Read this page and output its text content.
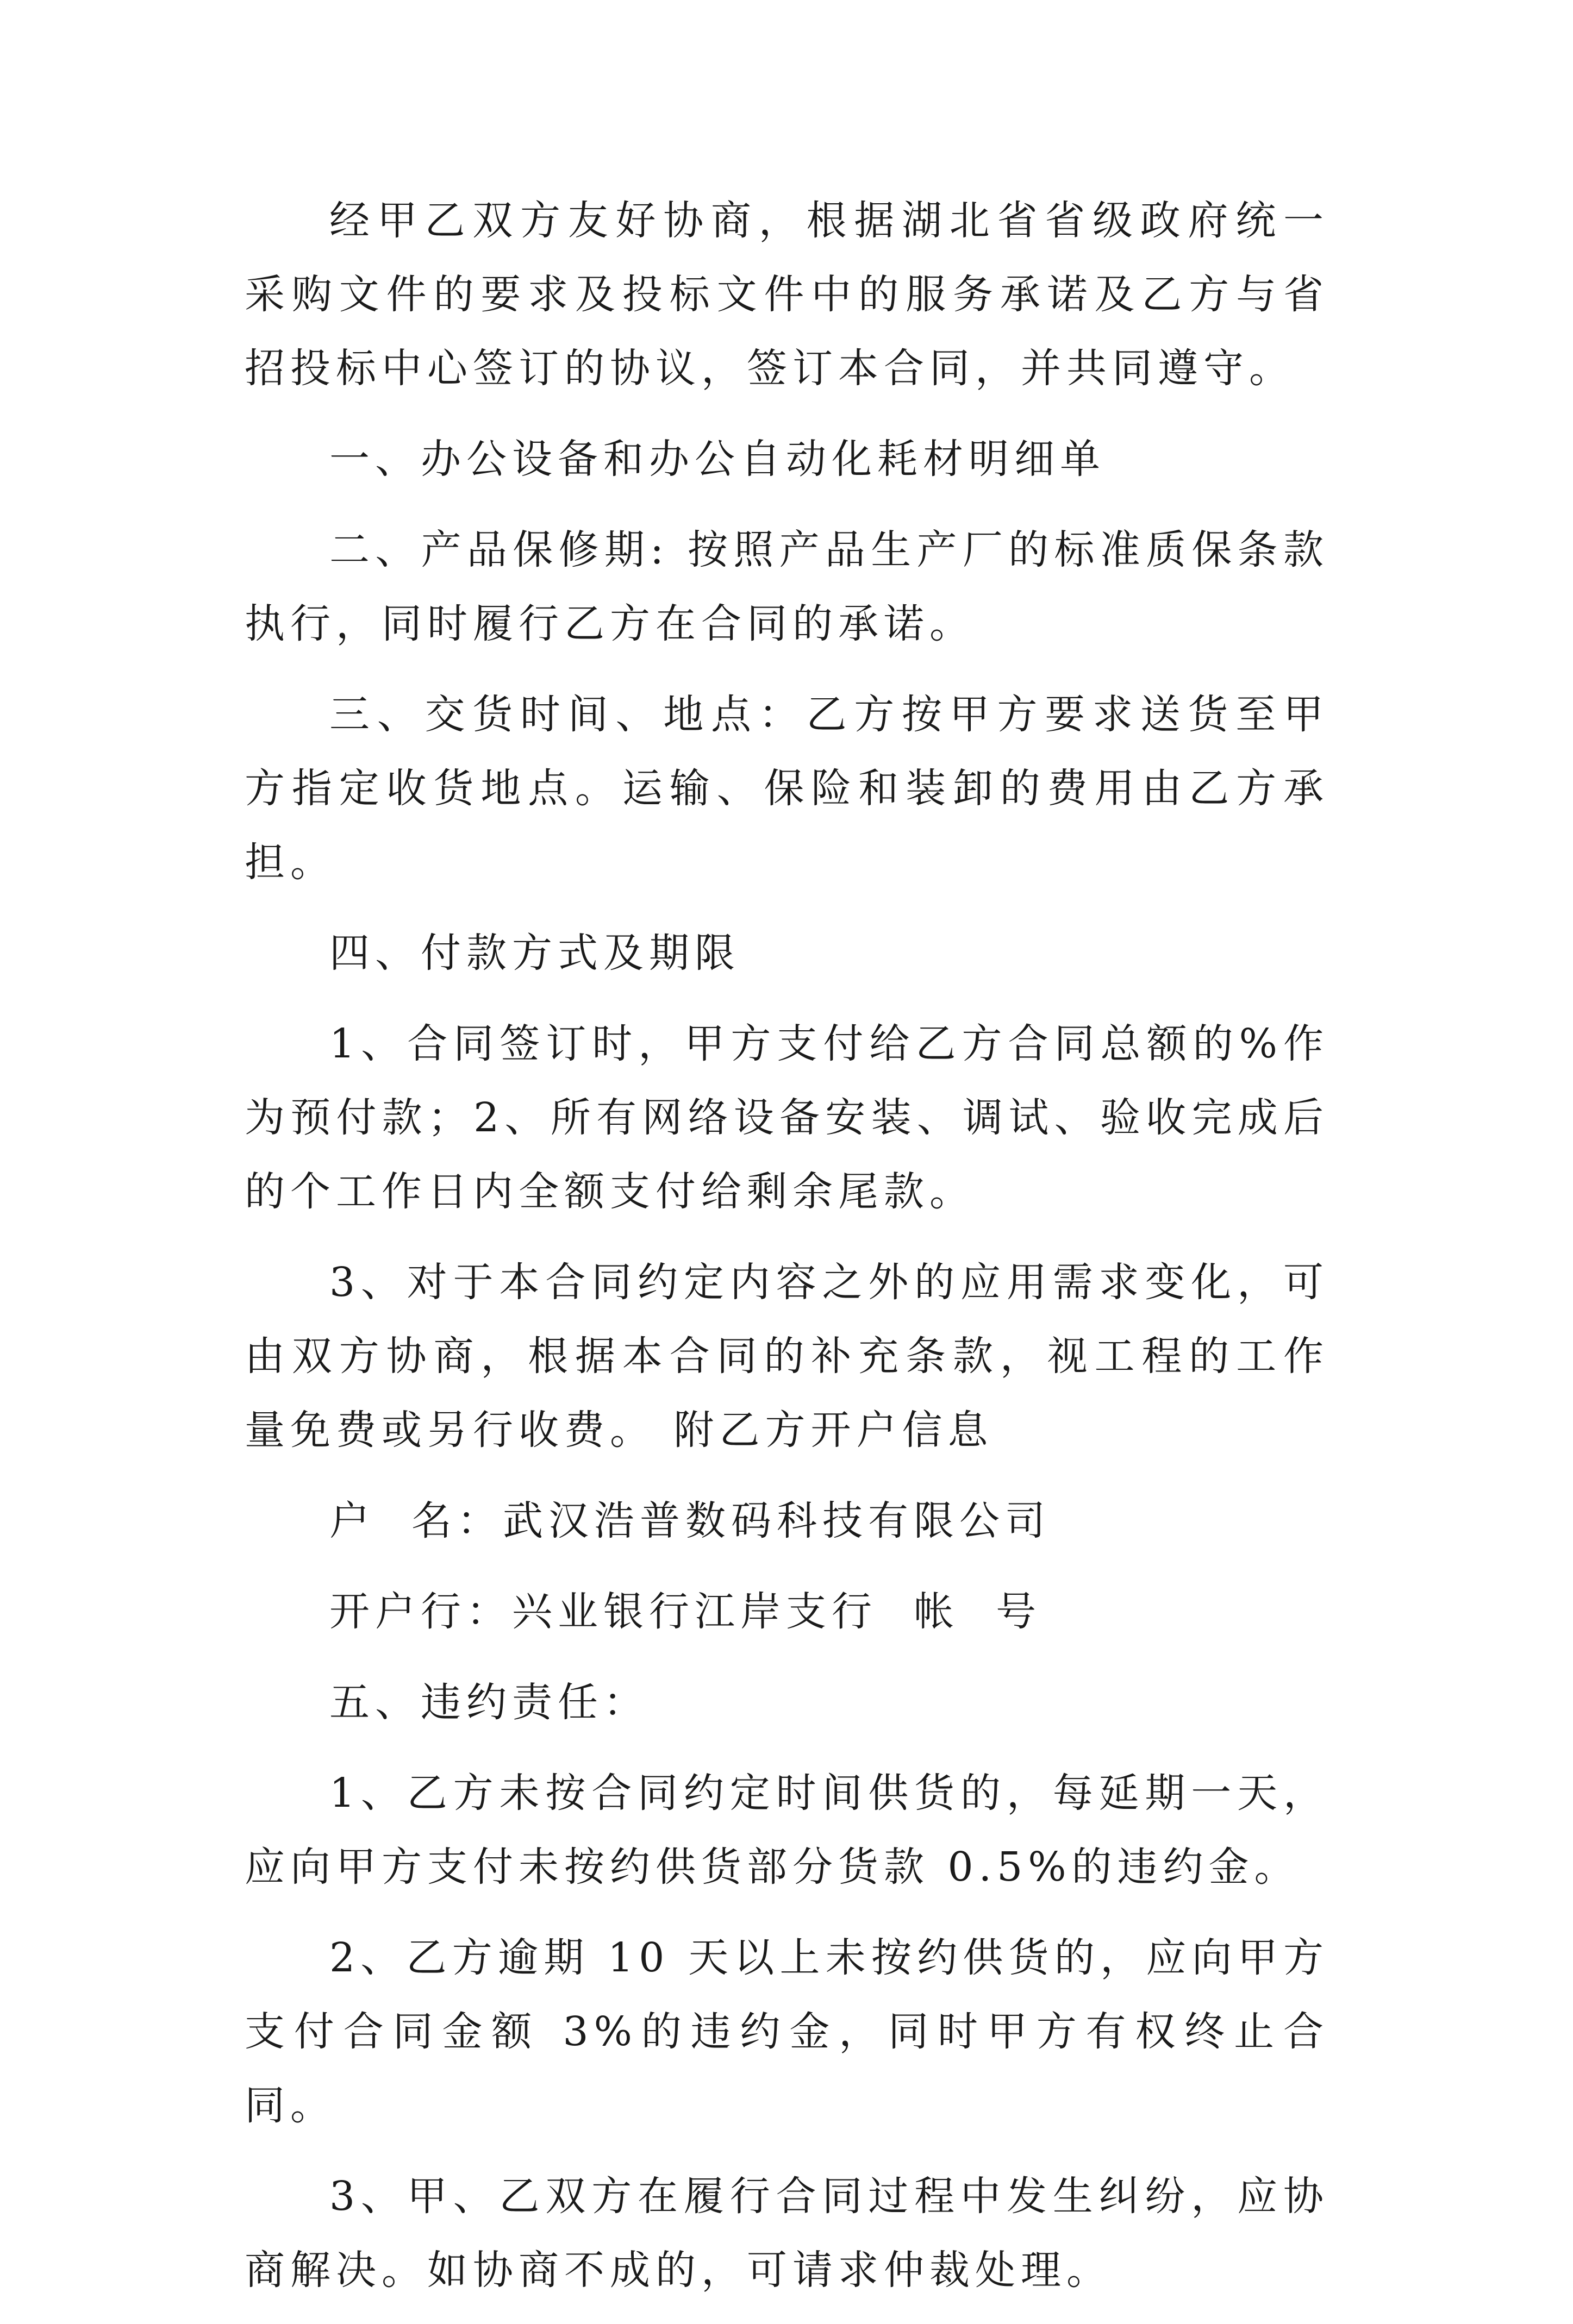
经甲乙双方友好协商，根据湖北省省级政府统一采购文件的要求及投标文件中的服务承诺及乙方与省招投标中心签订的协议，签订本合同，并共同遵守。

一、办公设备和办公自动化耗材明细单

二、产品保修期: 按照产品生产厂的标准质保条款执行，同时履行乙方在合同的承诺。

三、交货时间、地点：乙方按甲方要求送货至甲方指定收货地点。运输、保险和装卸的费用由乙方承担。

四、付款方式及期限

1、合同签订时，甲方支付给乙方合同总额的%作为预付款；2、所有网络设备安装、调试、验收完成后的个工作日内全额支付给剩余尾款。

3、对于本合同约定内容之外的应用需求变化，可由双方协商，根据本合同的补充条款，视工程的工作量免费或另行收费。 附乙方开户信息

户  名：武汉浩普数码科技有限公司

开户行：兴业银行江岸支行  帐  号

五、违约责任：

1、乙方未按合同约定时间供货的，每延期一天，应向甲方支付未按约供货部分货款 0.5%的违约金。

2、乙方逾期 10 天以上未按约供货的，应向甲方支付合同金额 3%的违约金，同时甲方有权终止合同。

3、甲、乙双方在履行合同过程中发生纠纷，应协商解决。如协商不成的，可请求仲裁处理。
